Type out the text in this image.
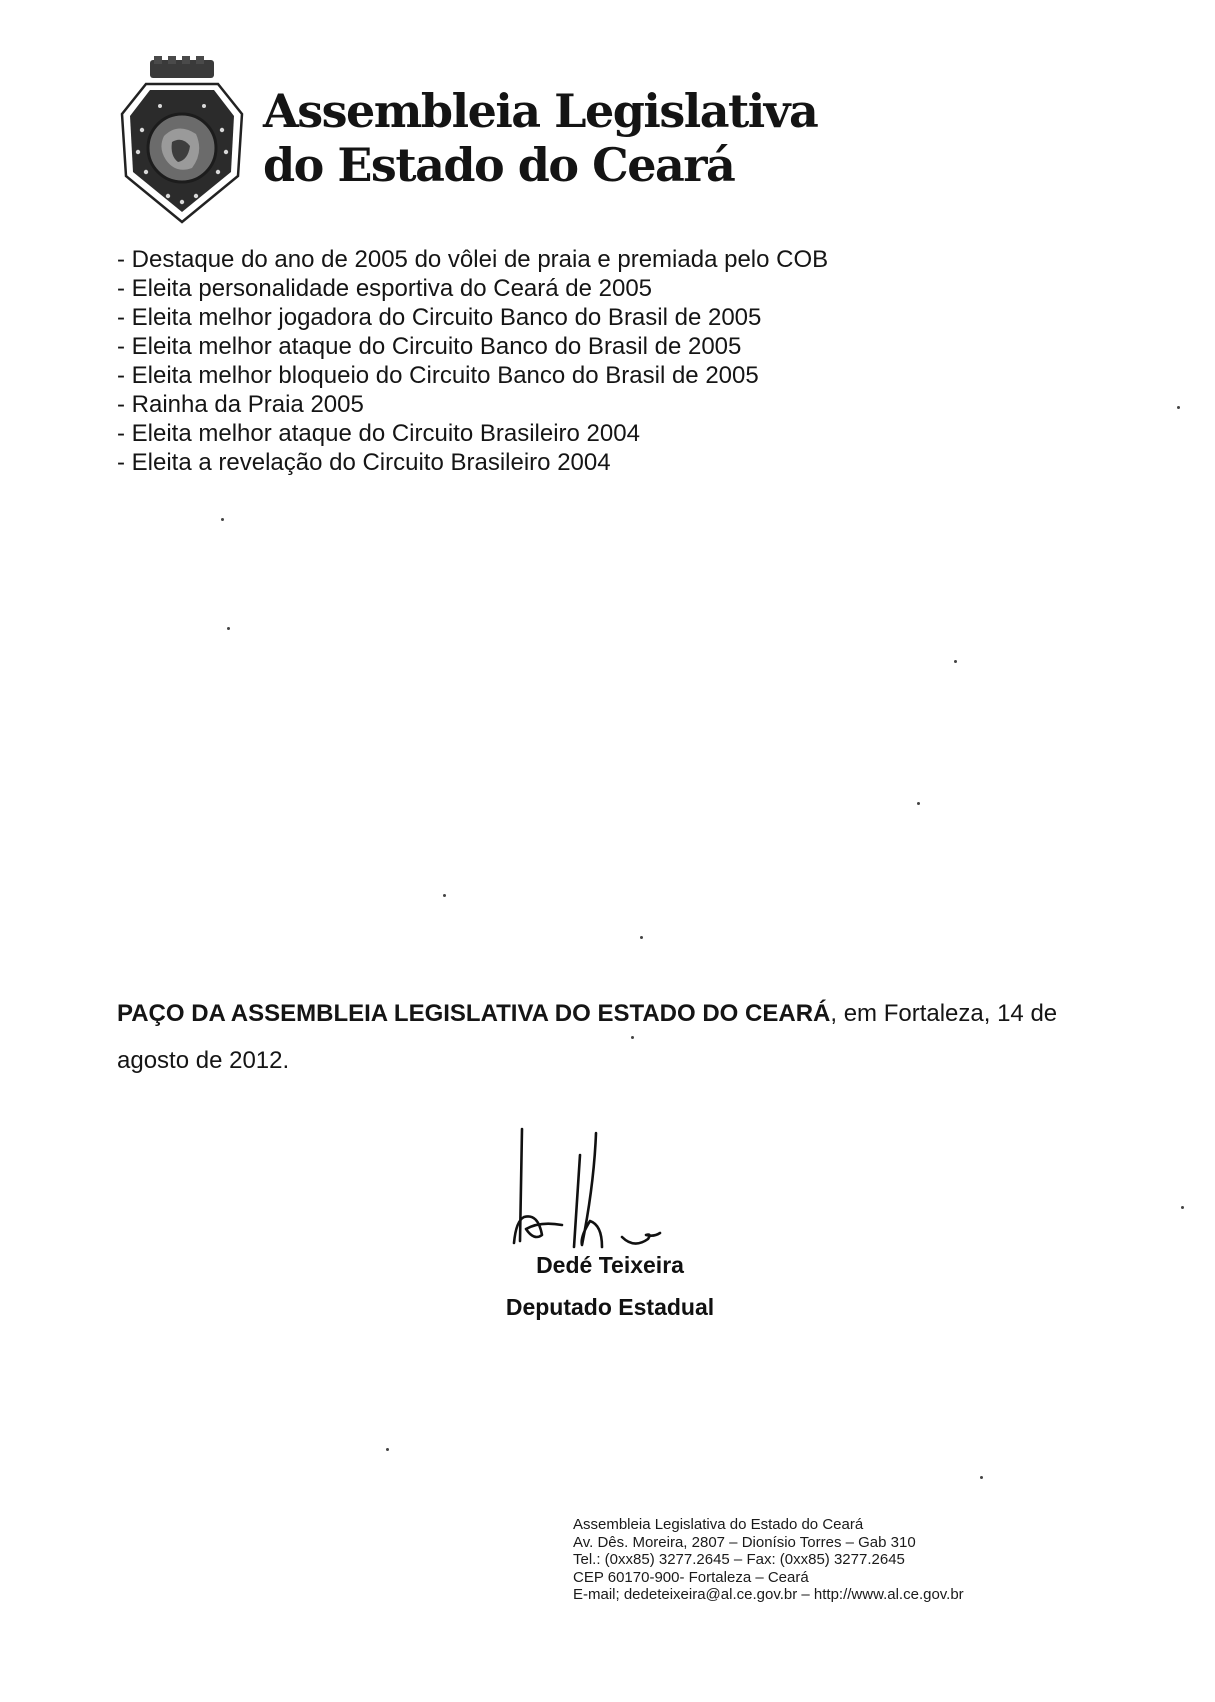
Assembleia Legislativa
do Estado do Ceará
- Destaque do ano de 2005 do vôlei de praia e premiada pelo COB
- Eleita personalidade esportiva do Ceará de 2005
- Eleita melhor jogadora do Circuito Banco do Brasil de 2005
- Eleita melhor ataque do Circuito Banco do Brasil de 2005
- Eleita melhor bloqueio do Circuito Banco do Brasil de 2005
- Rainha da Praia 2005
- Eleita melhor ataque do Circuito Brasileiro 2004
- Eleita a revelação do Circuito Brasileiro 2004

PAÇO DA ASSEMBLEIA LEGISLATIVA DO ESTADO DO CEARÁ, em Fortaleza, 14 de agosto de 2012.

Dedé Teixeira
Deputado Estadual
Assembleia Legislativa do Estado do Ceará
Av. Dês. Moreira, 2807 – Dionísio Torres – Gab 310
Tel.: (0xx85) 3277.2645 – Fax: (0xx85) 3277.2645
CEP 60170-900- Fortaleza – Ceará
E-mail; dedeteixeira@al.ce.gov.br – http://www.al.ce.gov.br
